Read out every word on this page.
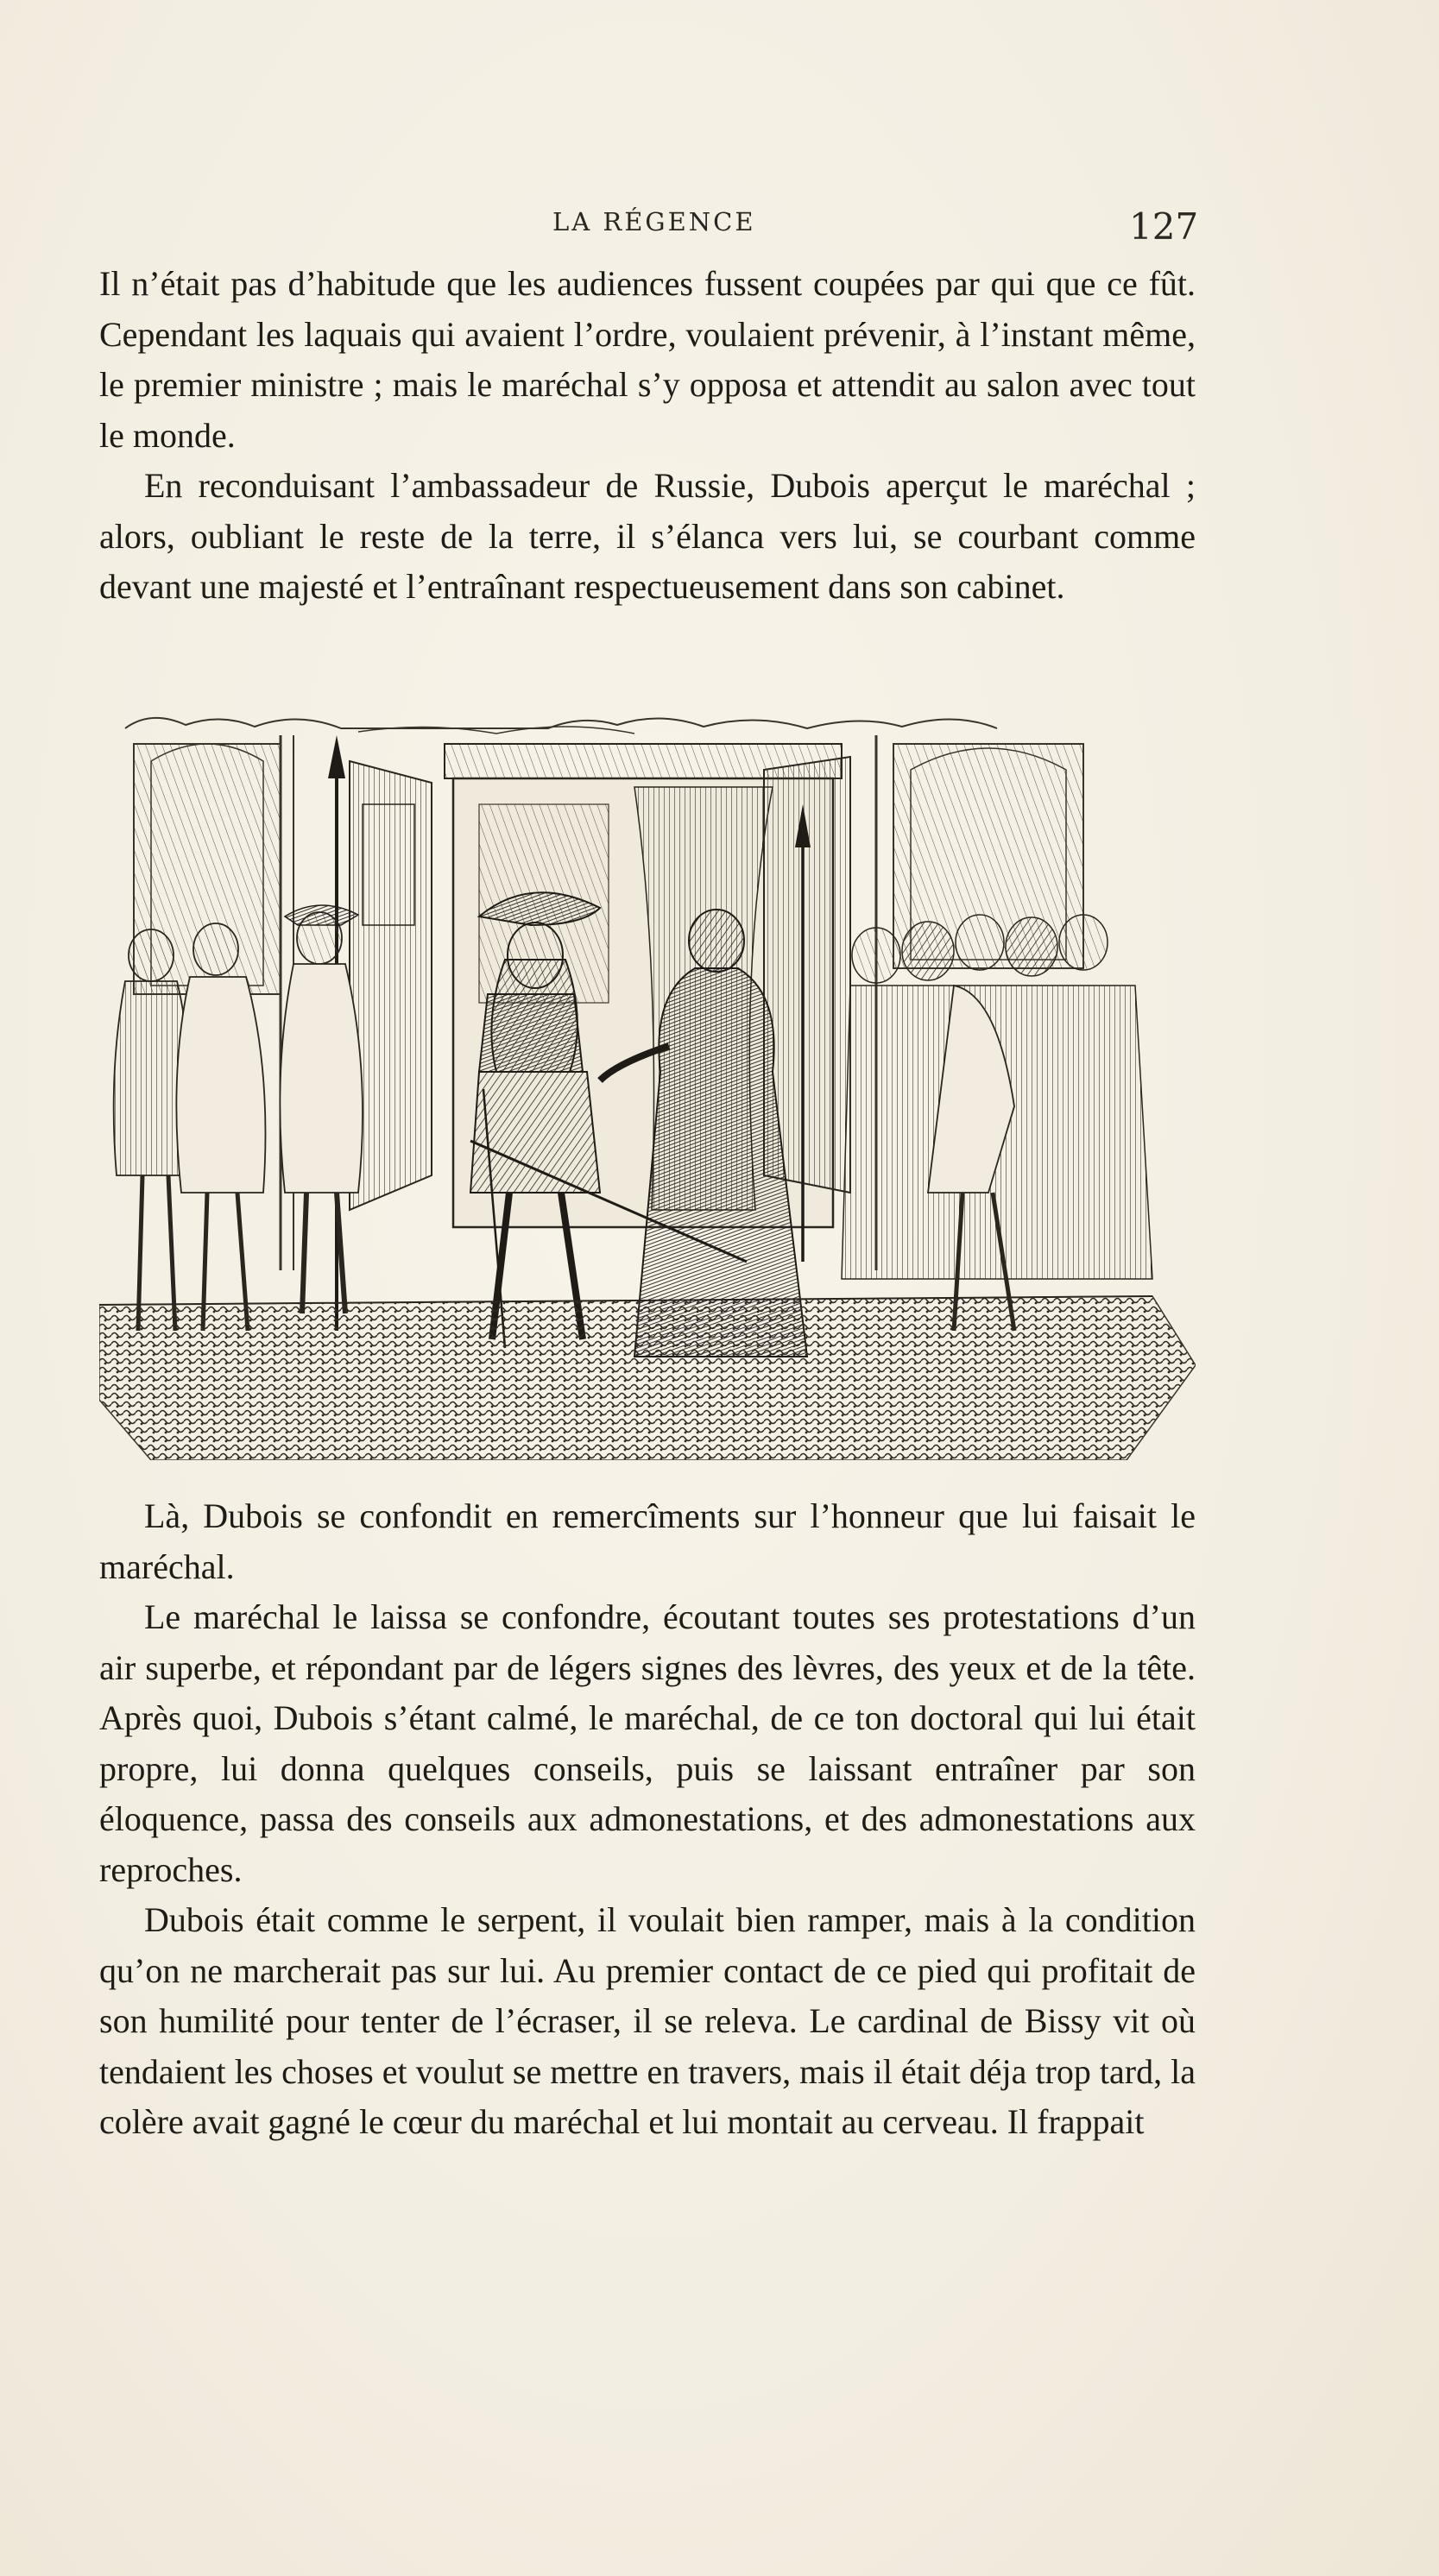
LA RÉGENCE	127

Il n’était pas d’habitude que les audiences fussent coupées par qui que ce fût. Cependant les laquais qui avaient l’ordre, voulaient prévenir, à l’instant même, le premier ministre ; mais le maréchal s’y opposa et attendit au salon avec tout le monde.

En reconduisant l’ambassadeur de Russie, Dubois aperçut le maréchal ; alors, oubliant le reste de la terre, il s’élanca vers lui, se courbant comme devant une majesté et l’entraînant respectueusement dans son cabinet.

Là, Dubois se confondit en remercîments sur l’honneur que lui faisait le maréchal.

Le maréchal le laissa se confondre, écoutant toutes ses protestations d’un air superbe, et répondant par de légers signes des lèvres, des yeux et de la tête. Après quoi, Dubois s’étant calmé, le maréchal, de ce ton doctoral qui lui était propre, lui donna quelques conseils, puis se laissant entraîner par son éloquence, passa des conseils aux admonestations, et des admonestations aux reproches.

Dubois était comme le serpent, il voulait bien ramper, mais à la condition qu’on ne marcherait pas sur lui. Au premier contact de ce pied qui profitait de son humilité pour tenter de l’écraser, il se releva. Le cardinal de Bissy vit où tendaient les choses et voulut se mettre en travers, mais il était déja trop tard, la colère avait gagné le cœur du maréchal et lui montait au cerveau. Il frappait
